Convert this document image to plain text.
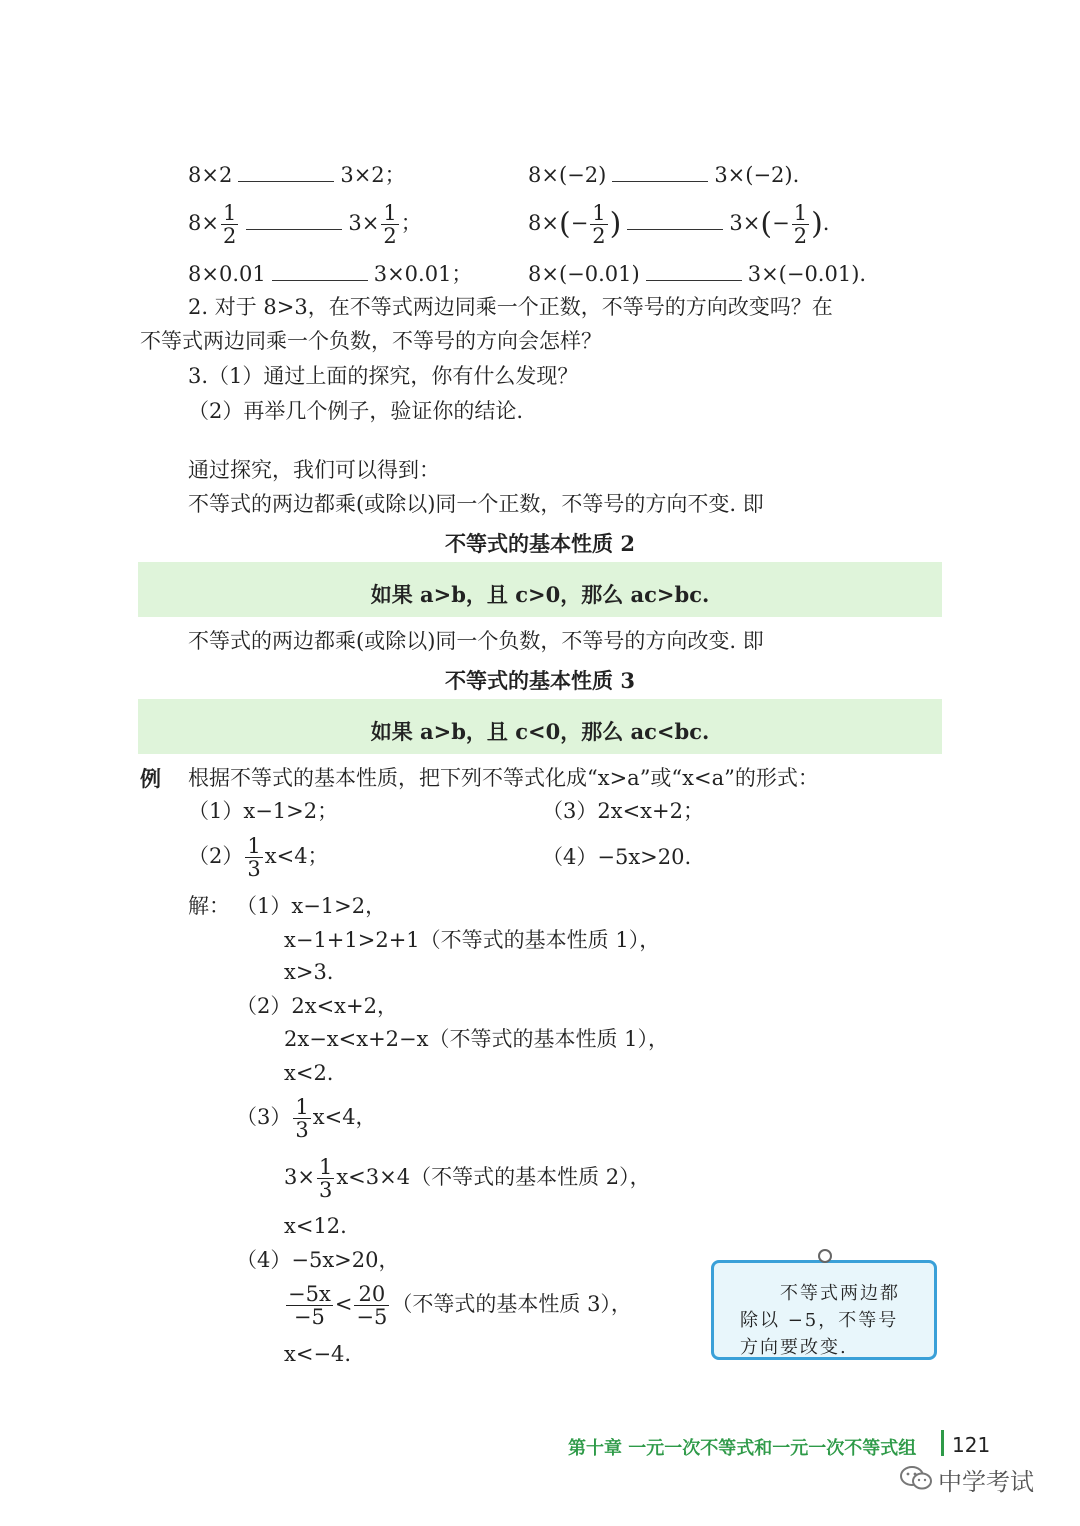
8×2	3×2；	8×(−2)	3×(−2).
$8\times \frac{1}{2}$	$3\times \frac{1}{2}$ ；	$8\times(- \frac{1}{2}$ )	$3\times(- \frac{1}{2}$ ).
8×0.01	3×0.01；	8×(−0.01)	3×(−0.01).
2. 对于 8>3，在不等式两边同乘一个正数，不等号的方向改变吗？在
不等式两边同乘一个负数，不等号的方向会怎样？
3.（1）通过上面的探究，你有什么发现？
（2）再举几个例子，验证你的结论.
通过探究，我们可以得到：
不等式的两边都乘(或除以)同一个正数，不等号的方向不变. 即
不等式的基本性质 2
如果 a>b，且 c>0，那么 ac>bc.
不等式的两边都乘(或除以)同一个负数，不等号的方向改变. 即
不等式的基本性质 3
如果 a>b，且 c<0，那么 ac<bc.
例 根据不等式的基本性质，把下列不等式化成“x>a”或“x<a”的形式：
（1）x−1>2；	（3）2x<x+2；
$(2) \frac{1}{3} x<4$；	（4）−5x>20.
解： （1）x−1>2，
x−1+1>2+1（不等式的基本性质 1），
x>3.
（2）2x<x+2，
2x−x<x+2−x（不等式的基本性质 1），
x<2.
$(3) \frac{1}{3} x<4$，
$3\times \frac{1}{3} x<3\times 4$（不等式的基本性质 2），
x<12.
（4）−5x>20，
$\frac{-5x}{-5} < \frac{20}{-5}$ （不等式的基本性质 3），
x<−4.
不等式两边都
除以 −5，不等号
方向要改变.
第十章 一元一次不等式和一元一次不等式组 121
中学考试
